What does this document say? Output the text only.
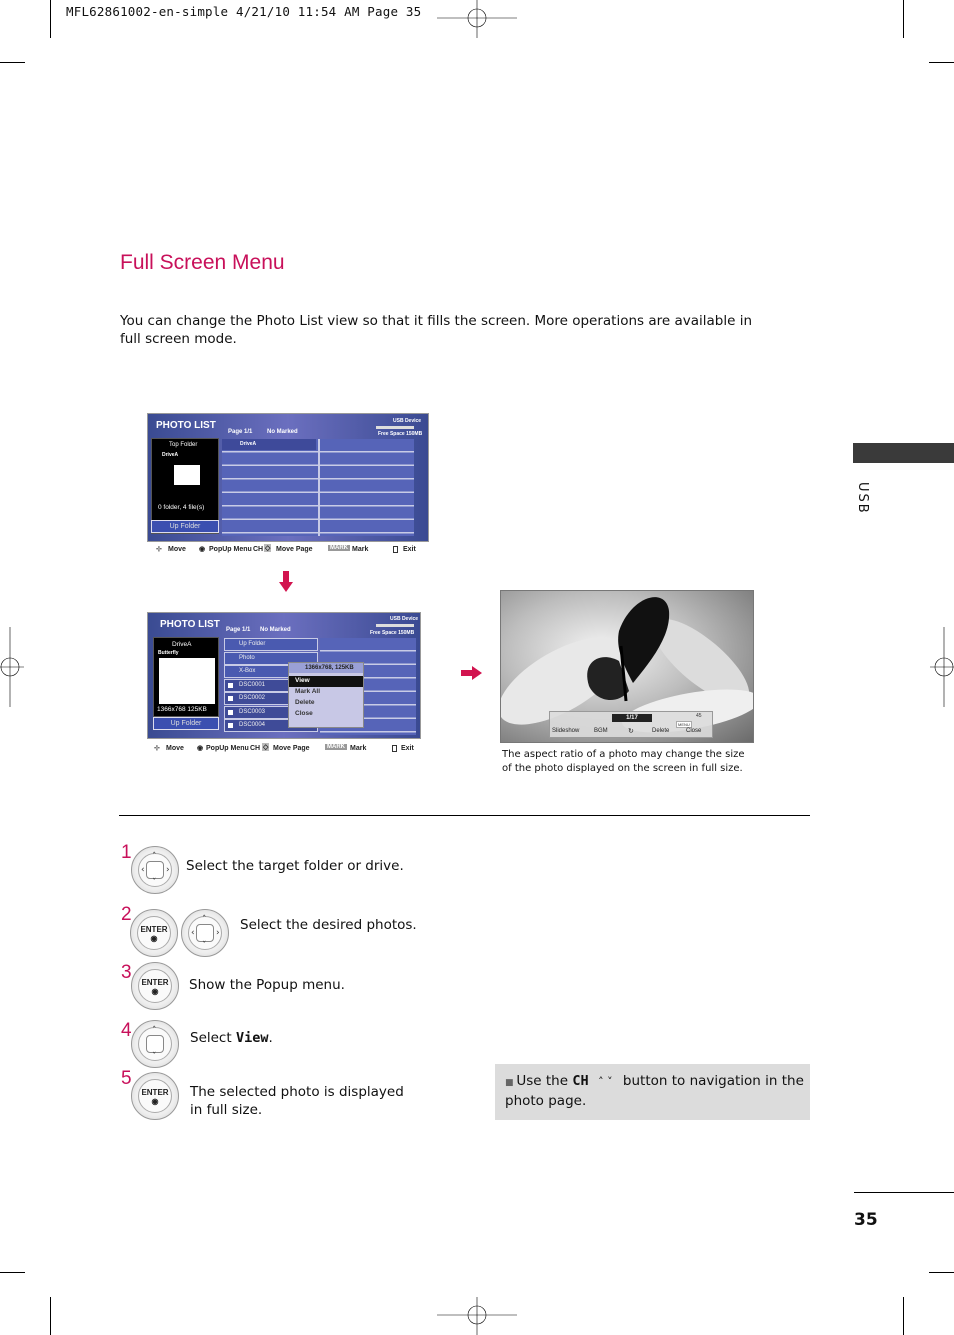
MFL62861002-en-simple 4/21/10 11:54 AM Page 35
Full Screen Menu
You can change the Photo List view so that it fills the screen. More operations are available in full screen mode.
USB
PHOTO LIST
Page 1/1 No Marked
USB Device
Free Space 150MB
Top Folder
DriveA
0 folder, 4 file(s)
Up Folder
DriveA
⊹ Move ◉ PopUp Menu CH ◇ Move Page	MARK Mark	Exit
PHOTO LIST Page 1/1 No Marked
USB Device
Free Space 150MB
DriveA
Butterfly
1366x768 125KB
Up Folder
Up Folder
Photo
X-Box
DSC0001
DSC0002
DSC0003
DSC0004
1366x768, 125KB
View
Mark All
Delete
Close
⊹ Move ◉ PopUp Menu CH ◇ Move Page	MARK Mark	Exit
1/17	45
MENU
Slideshow BGM	↻	Delete	Close
The aspect ratio of a photo may change the size of the photo displayed on the screen in full size.
1 ˆ
ˇ
‹ › Select the target folder or drive.
2
ENTER
◉
ˆ
ˇ
‹ › Select the desired photos.
3	ENTER
◉	Show the Popup menu.
4 ˆ
ˇ
Select View.
5
ENTER
◉
The selected photo is displayed in full size.
■ Use the CH ˄ ˅ button to navigation in the photo page.
35
